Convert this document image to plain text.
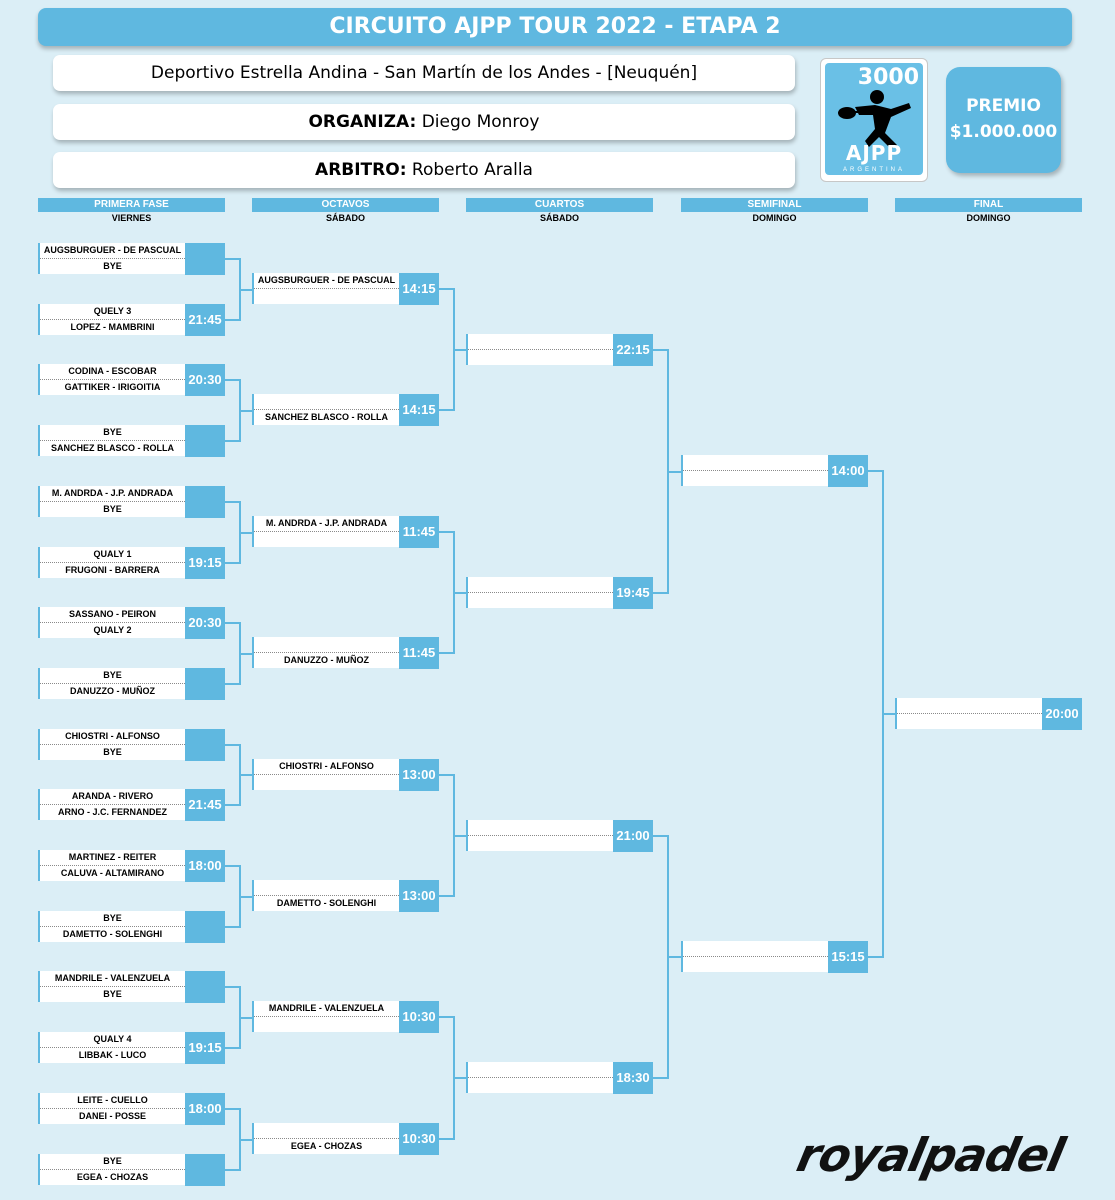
CIRCUITO AJPP TOUR 2022 - ETAPA 2
Deportivo Estrella Andina - San Martín de los Andes - [Neuquén]
ORGANIZA: Diego Monroy
ARBITRO: Roberto Aralla
3000
AJPP
ARGENTINA
PREMIO
$1.000.000
PRIMERA FASE
VIERNES
OCTAVOS
SÁBADO
CUARTOS
SÁBADO
SEMIFINAL
DOMINGO
FINAL
DOMINGO
AUGSBURGUER - DE PASCUAL
BYE
QUELY 3
LOPEZ - MAMBRINI	21:45
CODINA - ESCOBAR
GATTIKER - IRIGOITIA	20:30
BYE
SANCHEZ BLASCO - ROLLA
M. ANDRDA - J.P. ANDRADA
BYE
QUALY 1
FRUGONI - BARRERA	19:15
SASSANO - PEIRON
QUALY 2	20:30
BYE
DANUZZO - MUÑOZ
CHIOSTRI - ALFONSO
BYE
ARANDA - RIVERO
ARNO - J.C. FERNANDEZ	21:45
MARTINEZ - REITER
CALUVA - ALTAMIRANO	18:00
BYE
DAMETTO - SOLENGHI
MANDRILE - VALENZUELA
BYE
QUALY 4
LIBBAK - LUCO	19:15
LEITE - CUELLO
DANEI - POSSE	18:00
BYE
EGEA - CHOZAS
AUGSBURGUER - DE PASCUAL
14:15
SANCHEZ BLASCO - ROLLA	14:15
M. ANDRDA - J.P. ANDRADA
11:45
DANUZZO - MUÑOZ	11:45
CHIOSTRI - ALFONSO
13:00
DAMETTO - SOLENGHI	13:00
MANDRILE - VALENZUELA
10:30
EGEA - CHOZAS	10:30
22:15
19:45
21:00
18:30
14:00
15:15
20:00
royalpadel
